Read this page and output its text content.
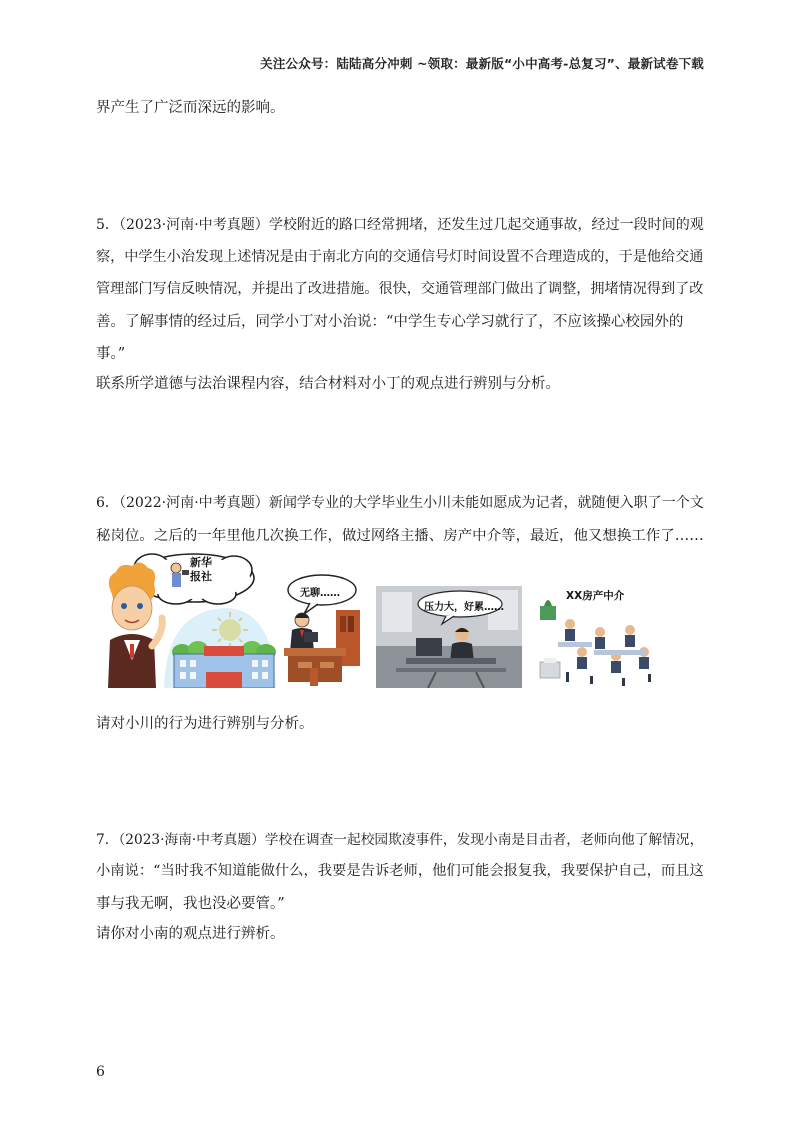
关注公众号：陆陆高分冲刺 ~领取：最新版“小中高考-总复习”、最新试卷下载
界产生了广泛而深远的影响。
5．（2023·河南·中考真题）学校附近的路口经常拥堵，还发生过几起交通事故，经过一段时间的观
察，中学生小治发现上述情况是由于南北方向的交通信号灯时间设置不合理造成的，于是他给交通
管理部门写信反映情况，并提出了改进措施。很快，交通管理部门做出了调整，拥堵情况得到了改
善。了解事情的经过后，同学小丁对小治说：“中学生专心学习就行了，不应该操心校园外的
事。”
联系所学道德与法治课程内容，结合材料对小丁的观点进行辨别与分析。
6．（2022·河南·中考真题）新闻学专业的大学毕业生小川未能如愿成为记者，就随便入职了一个文
秘岗位。之后的一年里他几次换工作，做过网络主播、房产中介等，最近，他又想换工作了……
新华
报社
无聊……
压力大，好累……
XX房产中介
请对小川的行为进行辨别与分析。
7．（2023·海南·中考真题）学校在调查一起校园欺凌事件，发现小南是目击者，老师向他了解情况，
小南说：“当时我不知道能做什么，我要是告诉老师，他们可能会报复我，我要保护自己，而且这
事与我无啊，我也没必要管。”
请你对小南的观点进行辨析。
6
